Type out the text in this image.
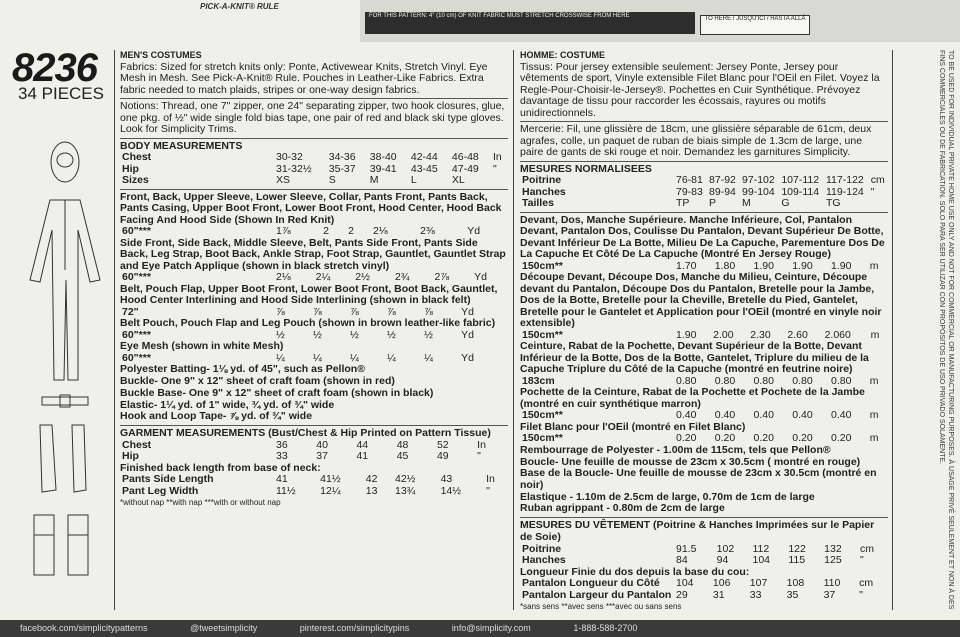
PICK-A-KNIT® RULE
FOR THIS PATTERN: 4" (10 cm) OF KNIT FABRIC MUST STRETCH CROSSWISE FROM HERE	TO HERE / JUSQU'ICI / HASTA ALLÁ
8236
34 PIECES
MEN'S COSTUMES

Fabrics: Sized for stretch knits only: Ponte, Activewear Knits, Stretch Vinyl. Eye Mesh in Mesh. See Pick-A-Knit® Rule. Pouches in Leather-Like Fabrics. Extra fabric needed to match plaids, stripes or one-way design fabrics.

Notions: Thread, one 7" zipper, one 24" separating zipper, two hook closures, glue, one pkg. of ½" wide single fold bias tape, one pair of red and black ski type gloves. Look for Simplicity Trims.

BODY MEASUREMENTS
Chest	30-32	34-36	38-40	42-44	46-48	In
Hip	31-32½	35-37	39-41	43-45	47-49	"
Sizes	XS	S	M	L	XL	

Front, Back, Upper Sleeve, Lower Sleeve, Collar, Pants Front, Pants Back, Pants Casing, Upper Boot Front, Lower Boot Front, Hood Center, Hood Back Facing And Hood Side (Shown In Red Knit)

60"***	1⅞	2	2	2⅛	2⅜	Yd

Side Front, Side Back, Middle Sleeve, Belt, Pants Side Front, Pants Side Back, Leg Strap, Boot Back, Ankle Strap, Foot Strap, Gauntlet, Gauntlet Strap and Eye Patch Applique (shown in black stretch vinyl)

60"***	2⅛	2¼	2½	2¾	2⅞	Yd

Belt, Pouch Flap, Upper Boot Front, Lower Boot Front, Boot Back, Gauntlet, Hood Center Interlining and Hood Side Interlining (shown in black felt)

72"	⅞	⅞	⅞	⅞	⅞	Yd

Belt Pouch, Pouch Flap and Leg Pouch (shown in brown leather-like fabric)

60"***	½	½	½	½	½	Yd

Eye Mesh (shown in white Mesh)

60"***	¼	¼	¼	¼	¼	Yd
Polyester Batting- 1⅛ yd. of 45", such as Pellon®
Buckle- One 9" x 12" sheet of craft foam (shown in red)
Buckle Base- One 9" x 12" sheet of craft foam (shown in black)
Elastic- 1¼ yd. of 1" wide, ¾ yd. of ¾" wide
Hook and Loop Tape- ⅞ yd. of ¾" wide
GARMENT MEASUREMENTS (Bust/Chest & Hip Printed on Pattern Tissue)
Chest	36	40	44	48	52	In
Hip	33	37	41	45	49	"
Finished back length from base of neck:
Pants Side Length	41	41½	42	42½	43	In
Pant Leg Width	11½	12¼	13	13¾	14½	"
*without nap **with nap ***with or without nap
HOMME: COSTUME

Tissus: Pour jersey extensible seulement: Jersey Ponte, Jersey pour vêtements de sport, Vinyle extensible Filet Blanc pour l'OEil en Filet. Voyez la Regle-Pour-Choisir-le-Jersey®. Pochettes en Cuir Synthétique. Prévoyez davantage de tissu pour raccorder les écossais, rayures ou motifs unidirectionnels.

Mercerie: Fil, une glissière de 18cm, une glissière séparable de 61cm, deux agrafes, colle, un paquet de ruban de biais simple de 1.3cm de large, une paire de gants de ski rouge et noir. Demandez les garnitures Simplicity.

MESURES NORMALISEES
Poitrine	76-81	87-92	97-102	107-112	117-122	cm
Hanches	79-83	89-94	99-104	109-114	119-124	"
Tailles	TP	P	M	G	TG	

Devant, Dos, Manche Supérieure. Manche Inférieure, Col, Pantalon Devant, Pantalon Dos, Coulisse Du Pantalon, Devant Supérieur De Botte, Devant Inférieur De La Botte, Milieu De La Capuche, Parementure Dos De La Capuche Et Côté De La Capuche (Montré En Jersey Rouge)

150cm**	1.70	1.80	1.90	1.90	1.90	m

Découpe Devant, Découpe Dos, Manche du Milieu, Ceinture, Découpe devant du Pantalon, Découpe Dos du Pantalon, Bretelle pour la Jambe, Dos de la Botte, Bretelle pour la Cheville, Bretelle du Pied, Gantelet, Bretelle pour le Gantelet et Application pour l'OEil (montré en vinyle noir extensible)

150cm**	1.90	2.00	2.30	2.60	2.060	m

Ceinture, Rabat de la Pochette, Devant Supérieur de la Botte, Devant Inférieur de la Botte, Dos de la Botte, Gantelet, Triplure du milieu de la Capuche Triplure du Côté de la Capuche (montré en feutrine noire)

183cm	0.80	0.80	0.80	0.80	0.80	m

Pochette de la Ceinture, Rabat de la Pochette et Pochete de la Jambe (montré en cuir synthétique marron)

150cm**	0.40	0.40	0.40	0.40	0.40	m

Filet Blanc pour l'OEil (montré en Filet Blanc)

150cm**	0.20	0.20	0.20	0.20	0.20	m
Rembourrage de Polyester - 1.00m de 115cm, tels que Pellon®
Boucle- Une feuille de mousse de 23cm x 30.5cm ( montré en rouge)
Base de la Boucle- Une feuille de mousse de 23cm x 30.5cm (montré en noir)
Elastique - 1.10m de 2.5cm de large, 0.70m de 1cm de large
Ruban agrippant - 0.80m de 2cm de large
MESURES DU VÊTEMENT (Poitrine & Hanches Imprimées sur le Papier de Soie)
Poitrine	91.5	102	112	122	132	cm
Hanches	84	94	104	115	125	"
Longueur Finie du dos depuis la base du cou:
Pantalon Longueur du Côté	104	106	107	108	110	cm
Pantalon Largeur du Pantalon	29	31	33	35	37	"
*sans sens **avec sens ***avec ou sans sens	TO BE USED FOR INDIVIDUAL PRIVATE HOME USE ONLY AND NOT FOR COMMERCIAL OR MANUFACTURING PURPOSES. À USAGE PRIVÉ SEULEMENT ET NON À DES FINS COMMERCIALES OU DE FABRICATION. SOLO PARA SER UTILIZAR CON PROPÓSITOS DE USO PRIVADO SOLAMENTE.
facebook.com/simplicitypatterns	@tweetsimplicity	pinterest.com/simplicitypins	info@simplicity.com	1-888-588-2700
